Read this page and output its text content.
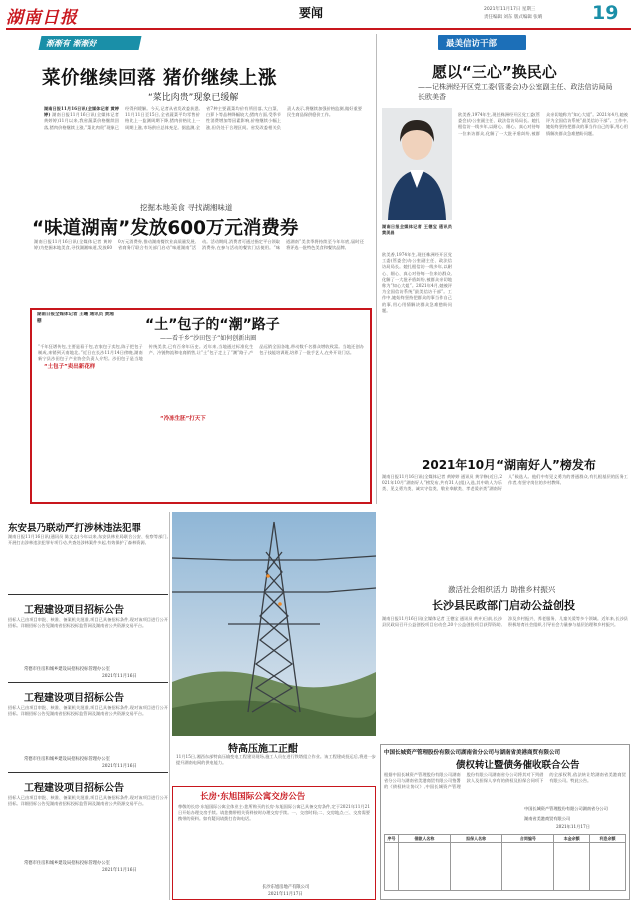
湖南日报	要闻	2021年11月17日 星期三
责任编辑 刘东 版式编辑 张晴	19
渐渐有 渐渐好
菜价继续回落 猪价继续上涨
“菜比肉贵”现象已缓解
湖南日报11月16日讯(全媒体记者 黄婷婷) 湖南日报11月16日讯(全媒体记者 黄婷婷)11月以来,我省蔬菜价格继续回落,猪肉价格继续上涨,“菜比肉贵”现象已经得到缓解。今天,记者从省发改委获悉,11月11日至15日,全省蔬菜平均零售价格比上一监测周期下降,猪肉价格比上一周期上涨,市场供应总体充足。据监测,全省7种主要蔬菜均价有所回落,大白菜、白萝卜等品种降幅较大;猪肉方面,受季节性消费增加等因素影响,价格继续小幅上涨,但仍处于合理区间。省发改委相关负责人表示,将继续加强价格监测,做好重要民生商品保供稳价工作。
挖掘本地美食 寻找湖湘味道
“味道湖南”发放600万元消费券
湖南日报11月16日讯(全媒体记者 黄婷婷)为挖掘本地美食,寻找湖湘味道,发放600万元消费券,推动湖南餐饮业高质量发展,省商务厅联合有关部门启动“味道湖南”活动。活动期间,消费者可通过指定平台领取消费券,在参与活动的餐饮门店使用。“味道湖南”美食季将持续至今年年底,届时还将评选一批特色美食和餐饮品牌。
湖南日报全媒体记者 王曦 通讯员 黄湘棚	“土”包子的“潮”路子
——看千乡“沙田包子”如何创新出圈
“土包子”卖出新花样
“冷冻生胚”打天下
“千年狂谱传包,主要是看于包,农家包子卖包,陈子把包子制成,来销到天南地北。”近日在长沙11月14日傍晚,湖南新宁县沙田包子产业协会负责人介绍。沙田包子是当地传统美食,已有百余年历史。近年来,当地通过标准化生产、冷链物流和电商销售,让“土”包子走上了“潮”路子,产品远销全国各地,带动数千名群众增收致富。当地还创办包子技能培训班,培养了一批手艺人,在外开设门店。
最美信访干部
愿以“三心”换民心
——记株洲经开区党工委(管委会)办公室副主任、政法信访局局长欧美香
湖南日报全媒体记者 王德宝 通讯员 黄美昌
欧美香,1974年生,现任株洲经开区党工委(管委会)办公室副主任、政法信访局局长。她扎根信访一线多年,以耐心、细心、真心对待每一位来访群众,化解了一大批矛盾纠纷,被群众亲切地称为“知心大姐”。2021年4月,她被评为全国信访系统“最美信访干部”。工作中,她始终坚持把群众的事当作自己的事,用心用情解决群众急难愁盼问题。
欧美香,1974年生,现任株洲经开区党工委(管委会)办公室副主任、政法信访局局长。她扎根信访一线多年,以耐心、细心、真心对待每一位来访群众,化解了一大批矛盾纠纷,被群众亲切地称为“知心大姐”。2021年4月,她被评为全国信访系统“最美信访干部”。工作中,她始终坚持把群众的事当作自己的事,用心用情解决群众急难愁盼问题。
2021年10月“湖南好人”榜发布
湖南日报11月16日讯(全媒体记者 黄婷婷 通讯员 黄学修)近日,2021年10月“湖南好人”榜发布,共有31人(组)入选,其中助人为乐类、见义勇为类、诚实守信类、敬业奉献类、孝老爱亲类“湖南好人”候选人。他们中有见义勇为的普通群众,有扎根基层的医务工作者,有坚守岗位的乡村教师。
激活社会组织活力 助推乡村振兴
长沙县民政部门启动公益创投
湖南日报11月16日讯(全媒体记者 王德宝 通讯员 黄卉)日前,长沙县民政局召开公益创投项目启动会,20个公益创投项目获得资助,涉及乡村振兴、养老服务、儿童关爱等多个领域。近年来,长沙县积极培育社会组织,引导社会力量参与基层治理和乡村振兴。
东安县乃联动严打涉林违法犯罪
湖南日报11月16日讯(通讯员 陈文志)今年以来,东安县林业局联合公安、检察等部门,开展打击涉林违法犯罪专项行动,共查处涉林案件多起,有效保护了森林资源。
工程建设项目招标公告
招标人已由项目审批、核准、备案机关批准,项目已具备招标条件,现对该项目进行公开招标。详细招标公告见湖南省招标投标监管网及湖南省公共资源交易平台。
常德市住房和城乡建设局招标投标管理办公室
2021年11月16日
工程建设项目招标公告
招标人已由项目审批、核准、备案机关批准,项目已具备招标条件,现对该项目进行公开招标。详细招标公告见湖南省招标投标监管网及湖南省公共资源交易平台。
常德市住房和城乡建设局招标投标管理办公室
2021年11月16日
工程建设项目招标公告
招标人已由项目审批、核准、备案机关批准,项目已具备招标条件,现对该项目进行公开招标。详细招标公告见湖南省招标投标监管网及湖南省公共资源交易平台。
常德市住房和城乡建设局招标投标管理办公室
2021年11月16日
特高压施工正酣
11月15日,湘西东部特高压输变电工程建设现场,施工人员在进行铁塔组立作业。该工程建成投运后,将进一步提升湖南电网的供电能力。
长房·东旭国际公寓交房公告
尊敬的长房·东旭国际公寓全体业主:您所购买的长房·东旭国际公寓已具备交房条件,定于2021年11月21日开始办理交房手续。请您携带相关资料按时办理交房手续。一、交房时间;二、交房地点;三、交房需要携带的资料。如有疑问请拨打咨询电话。
长沙东旭房地产有限公司
2021年11月17日
中国长城资产管理股份有限公司湖南省分公司与湖南省美港商贸有限公司
债权转让暨债务催收联合公告
根据中国长城资产管理股份有限公司湖南省分公司与湖南省美港商贸有限公司签署的《债权转让协议》,中国长城资产管理股份有限公司湖南省分公司将其对下列借款人及担保人享有的债权及担保合同项下的全部权利,依法转让给湖南省美港商贸有限公司。特此公告。
中国长城资产管理股份有限公司湖南省分公司
湖南省美港商贸有限公司
2021年11月17日
序号	借款人名称	担保人名称	合同编号	本金余额	利息余额
